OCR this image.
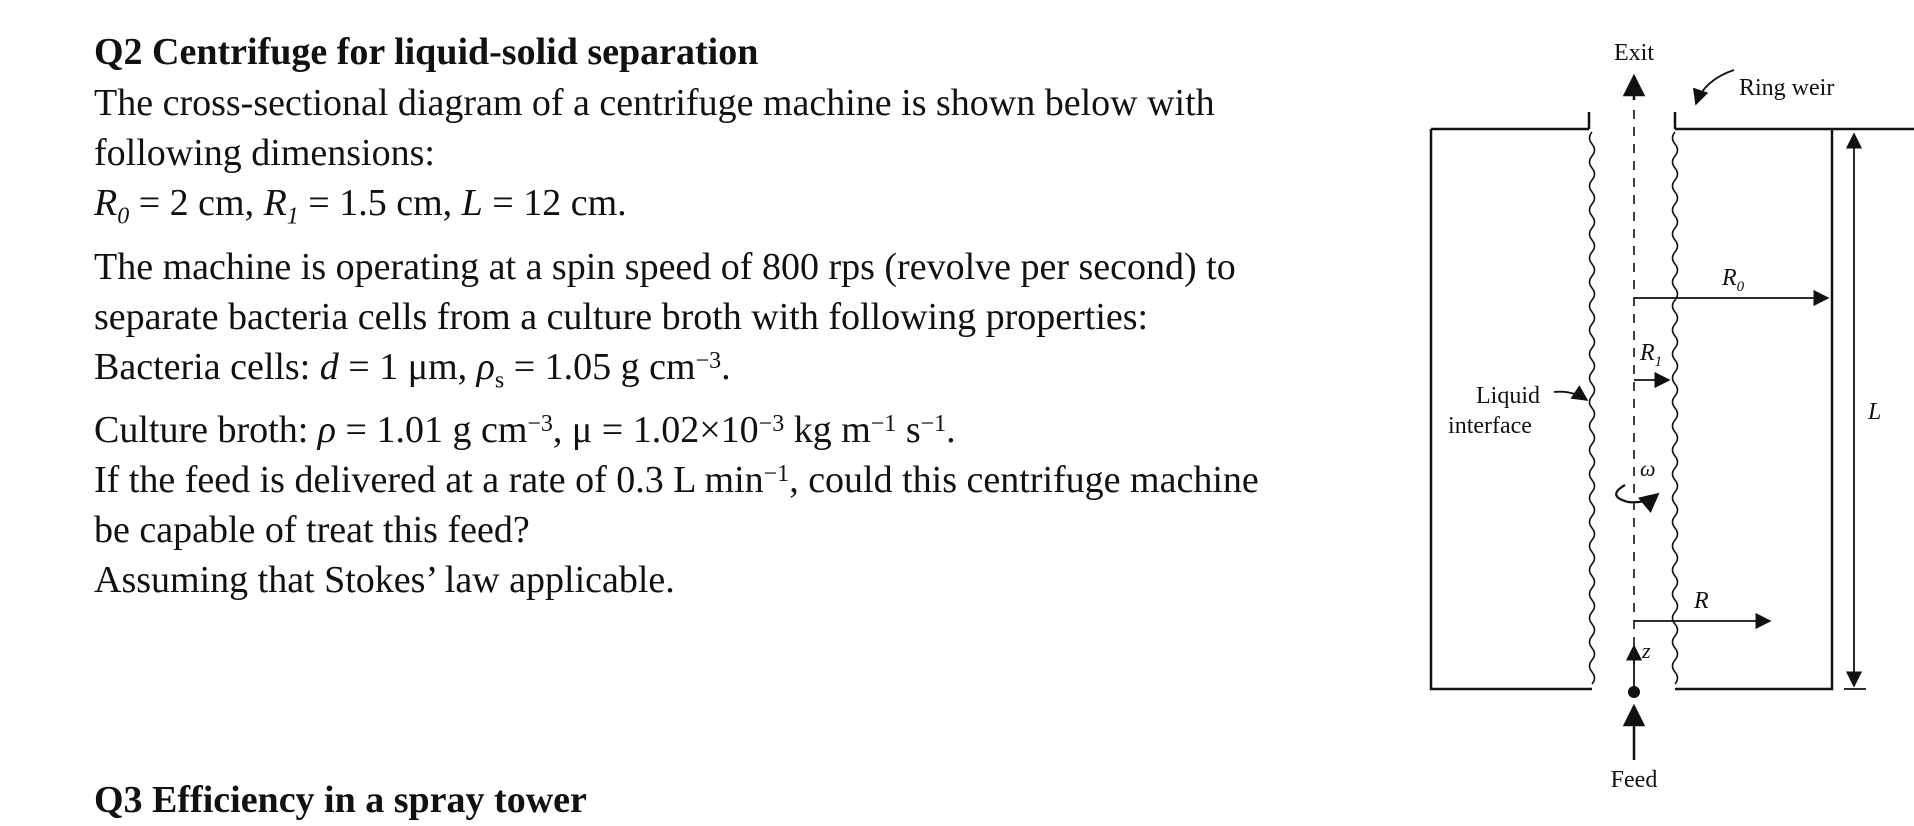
Q2 Centrifuge for liquid-solid separation
The cross-sectional diagram of a centrifuge machine is shown below with
following dimensions:
$R_0 = 2$ cm, $R_1 = 1.5$ cm, L = 12 cm.
The machine is operating at a spin speed of 800 rps (revolve per second) to
separate bacteria cells from a culture broth with following properties:
Bacteria cells: d = 1 μm, $\rho_s = 1.05$ g $cm^{-3}$.
Culture broth: ρ = 1.01 g $cm^{-3}$, $\mu = 1.02\times 10^{-3}$ kg $m^{-1}$ $s^{-1}$.
If the feed is delivered at a rate of 0.3 L $\min^{-1}$, could this centrifuge machine
be capable of treat this feed?
Assuming that Stokes’ law applicable.
Q3 Efficiency in a spray tower
Exit
Ring weir
$R_0$
$R_1$
Liquid
interface
L
ω
R
z
Feed
